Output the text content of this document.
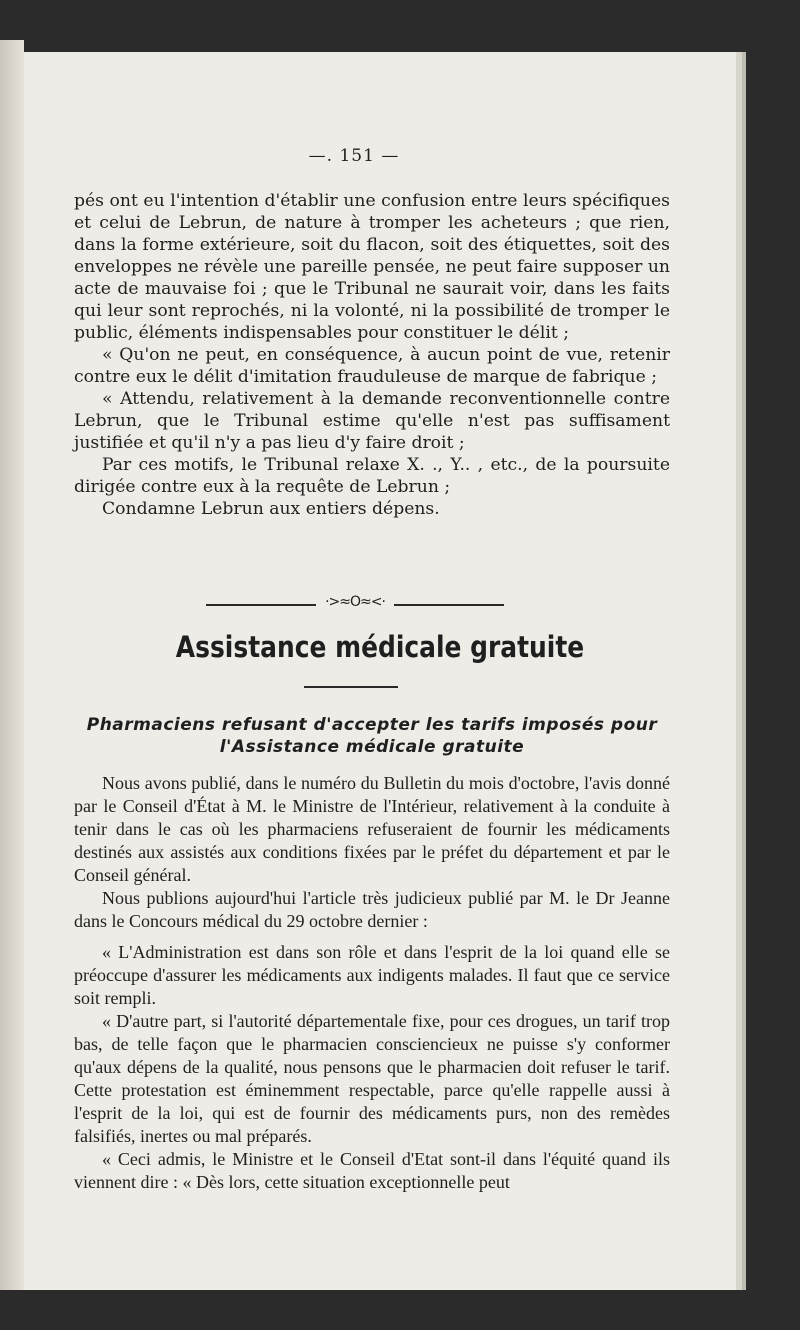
—. 151 —

pés ont eu l'intention d'établir une confusion entre leurs spécifiques et celui de Lebrun, de nature à tromper les acheteurs ; que rien, dans la forme extérieure, soit du flacon, soit des étiquettes, soit des enveloppes ne révèle une pareille pensée, ne peut faire supposer un acte de mauvaise foi ; que le Tribunal ne saurait voir, dans les faits qui leur sont reprochés, ni la volonté, ni la possibilité de tromper le public, éléments indispensables pour constituer le délit ;

« Qu'on ne peut, en conséquence, à aucun point de vue, retenir contre eux le délit d'imitation frauduleuse de marque de fabrique ;

« Attendu, relativement à la demande reconventionnelle contre Lebrun, que le Tribunal estime qu'elle n'est pas suffisament justifiée et qu'il n'y a pas lieu d'y faire droit ;

Par ces motifs, le Tribunal relaxe X. ., Y.. , etc., de la poursuite dirigée contre eux à la requête de Lebrun ;

Condamne Lebrun aux entiers dépens.

·>≈O≈<·
Assistance médicale gratuite
Pharmaciens refusant d'accepter les tarifs imposés pour
l'Assistance médicale gratuite

Nous avons publié, dans le numéro du Bulletin du mois d'octobre, l'avis donné par le Conseil d'État à M. le Ministre de l'Intérieur, relativement à la conduite à tenir dans le cas où les pharmaciens refuseraient de fournir les médicaments destinés aux assistés aux conditions fixées par le préfet du département et par le Conseil général.

Nous publions aujourd'hui l'article très judicieux publié par M. le Dr Jeanne dans le Concours médical du 29 octobre dernier :

« L'Administration est dans son rôle et dans l'esprit de la loi quand elle se préoccupe d'assurer les médicaments aux indigents malades. Il faut que ce service soit rempli.

« D'autre part, si l'autorité départementale fixe, pour ces drogues, un tarif trop bas, de telle façon que le pharmacien consciencieux ne puisse s'y conformer qu'aux dépens de la qualité, nous pensons que le pharmacien doit refuser le tarif. Cette protestation est éminemment respectable, parce qu'elle rappelle aussi à l'esprit de la loi, qui est de fournir des médicaments purs, non des remèdes falsifiés, inertes ou mal préparés.

« Ceci admis, le Ministre et le Conseil d'Etat sont-il dans l'équité quand ils viennent dire : « Dès lors, cette situation exceptionnelle peut
